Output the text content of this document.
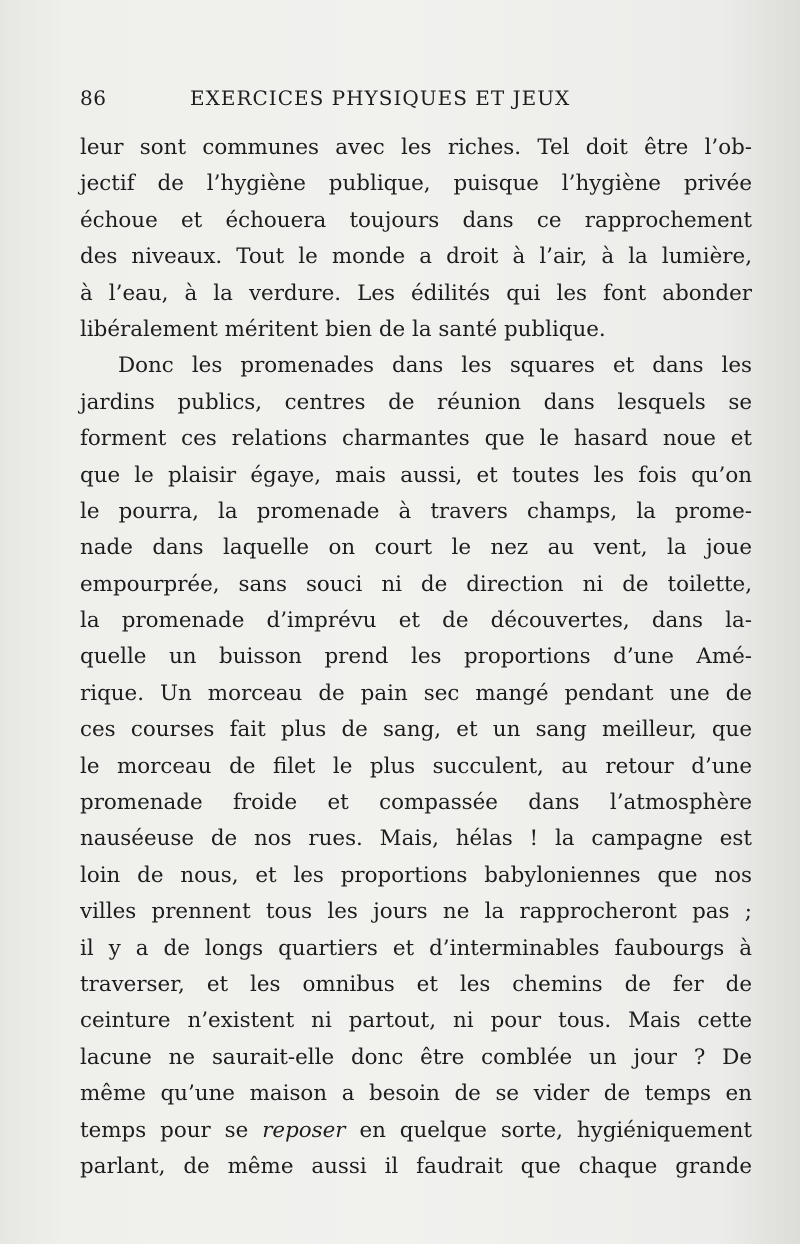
86	EXERCICES PHYSIQUES ET JEUX
leur sont communes avec les riches. Tel doit être l’ob-
jectif de l’hygiène publique, puisque l’hygiène privée
échoue et échouera toujours dans ce rapprochement
des niveaux. Tout le monde a droit à l’air, à la lumière,
à l’eau, à la verdure. Les édilités qui les font abonder
libéralement méritent bien de la santé publique.
Donc les promenades dans les squares et dans les
jardins publics, centres de réunion dans lesquels se
forment ces relations charmantes que le hasard noue et
que le plaisir égaye, mais aussi, et toutes les fois qu’on
le pourra, la promenade à travers champs, la prome-
nade dans laquelle on court le nez au vent, la joue
empourprée, sans souci ni de direction ni de toilette,
la promenade d’imprévu et de découvertes, dans la-
quelle un buisson prend les proportions d’une Amé-
rique. Un morceau de pain sec mangé pendant une de
ces courses fait plus de sang, et un sang meilleur, que
le morceau de filet le plus succulent, au retour d’une
promenade froide et compassée dans l’atmosphère
nauséeuse de nos rues. Mais, hélas ! la campagne est
loin de nous, et les proportions babyloniennes que nos
villes prennent tous les jours ne la rapprocheront pas ;
il y a de longs quartiers et d’interminables faubourgs à
traverser, et les omnibus et les chemins de fer de
ceinture n’existent ni partout, ni pour tous. Mais cette
lacune ne saurait-elle donc être comblée un jour ? De
même qu’une maison a besoin de se vider de temps en
temps pour se reposer en quelque sorte, hygiéniquement
parlant, de même aussi il faudrait que chaque grande
